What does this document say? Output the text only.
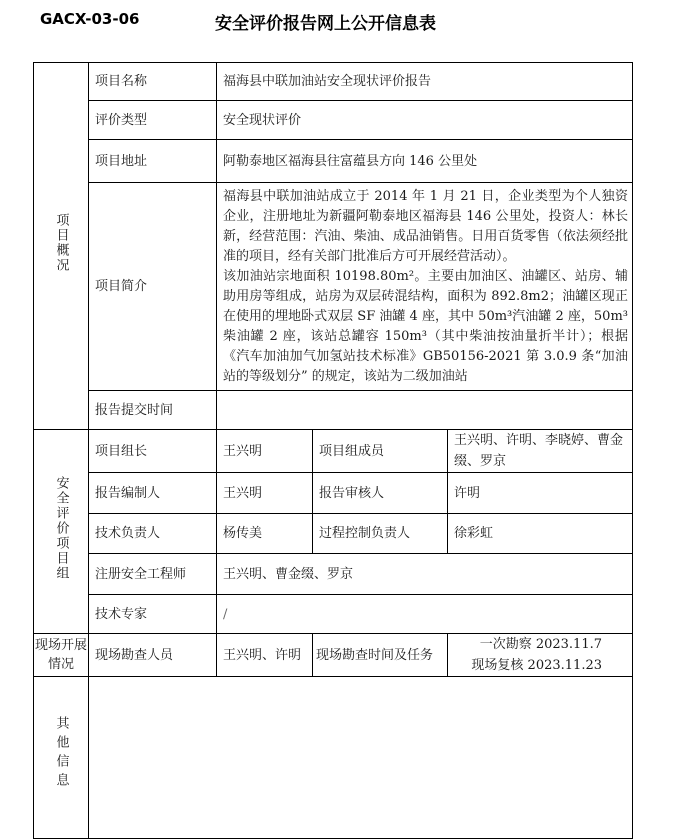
GACX-03-06	安全评价报告网上公开信息表
项目概况	项目名称	福海县中联加油站安全现状评价报告		
	评价类型	安全现状评价		
	项目地址	阿勒泰地区福海县往富蕴县方向 146 公里处		
	项目简介	福海县中联加油站成立于 2014 年 1 月 21 日，企业类型为个人独资企业，注册地址为新疆阿勒泰地区福海县 146 公里处，投资人：林长新，经营范围：汽油、柴油、成品油销售。日用百货零售（依法须经批准的项目，经有关部门批准后方可开展经营活动）。

该加油站宗地面积 10198.80m²。主要由加油区、油罐区、站房、辅助用房等组成，站房为双层砖混结构，面积为 892.8m2；油罐区现正在使用的埋地卧式双层 SF 油罐 4 座，其中 50m³汽油罐 2 座，50m³柴油罐 2 座，该站总罐容 150m³（其中柴油按油量折半计）；根据《汽车加油加气加氢站技术标准》GB50156-2021 第 3.0.9 条“加油站的等级划分” 的规定，该站为二级加油站		

	报告提交时间			
安全评价项目组	项目组长	王兴明	项目组成员	王兴明、许明、李晓婷、曹金缀、罗京
	报告编制人	王兴明	报告审核人	许明
	技术负责人	杨传美	过程控制负责人	徐彩虹
	注册安全工程师	王兴明、曹金缀、罗京		
	技术专家	/		
现场开展情况	现场勘查人员	王兴明、许明	现场勘查时间及任务	一次勘察 2023.11.7
现场复核 2023.11.23

其他信息				
